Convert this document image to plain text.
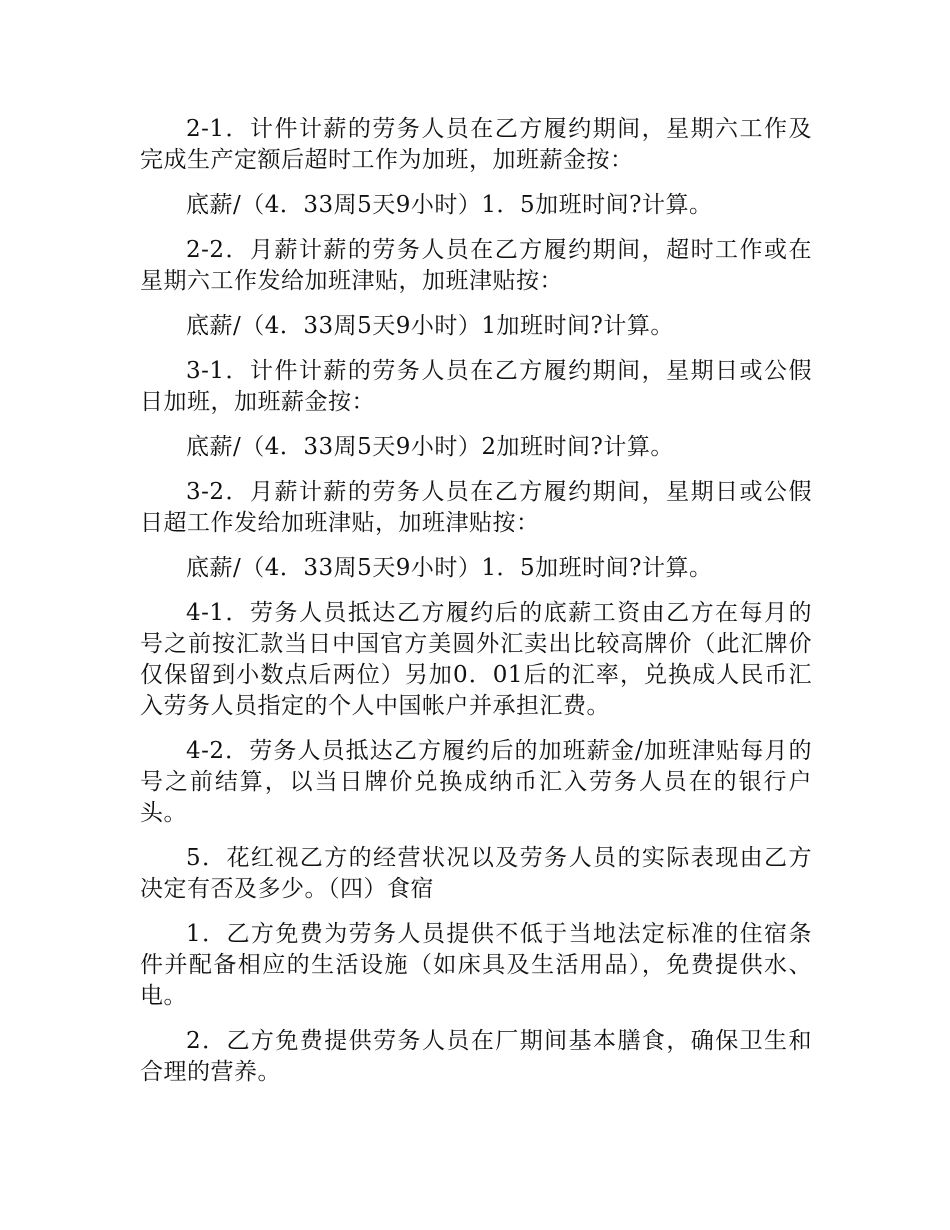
2-1．计件计薪的劳务人员在乙方履约期间，星期六工作及完成生产定额后超时工作为加班，加班薪金按：

底薪/（4．33周5天9小时）1．5加班时间?计算。

2-2．月薪计薪的劳务人员在乙方履约期间，超时工作或在星期六工作发给加班津贴，加班津贴按：

底薪/（4．33周5天9小时）1加班时间?计算。

3-1．计件计薪的劳务人员在乙方履约期间，星期日或公假日加班，加班薪金按：

底薪/（4．33周5天9小时）2加班时间?计算。

3-2．月薪计薪的劳务人员在乙方履约期间，星期日或公假日超工作发给加班津贴，加班津贴按：

底薪/（4．33周5天9小时）1．5加班时间?计算。

4-1．劳务人员抵达乙方履约后的底薪工资由乙方在每月的号之前按汇款当日中国官方美圆外汇卖出比较高牌价（此汇牌价仅保留到小数点后两位）另加0．01后的汇率，兑换成人民币汇入劳务人员指定的个人中国帐户并承担汇费。

4-2．劳务人员抵达乙方履约后的加班薪金/加班津贴每月的号之前结算，以当日牌价兑换成纳币汇入劳务人员在的银行户头。

5．花红视乙方的经营状况以及劳务人员的实际表现由乙方决定有否及多少。（四）食宿

1．乙方免费为劳务人员提供不低于当地法定标准的住宿条件并配备相应的生活设施（如床具及生活用品），免费提供水、电。

2．乙方免费提供劳务人员在厂期间基本膳食，确保卫生和合理的营养。
